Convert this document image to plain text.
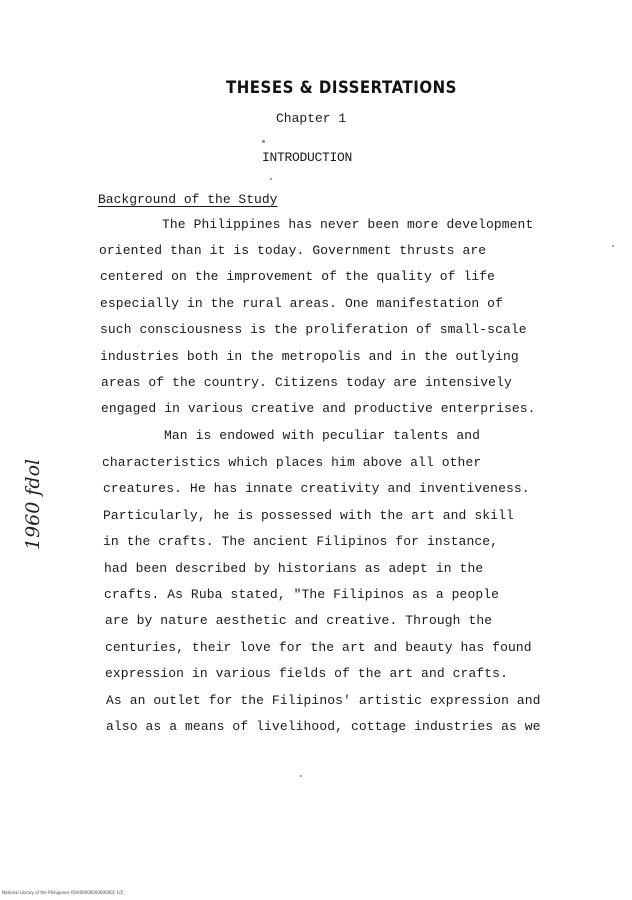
THESES & DISSERTATIONS
Chapter 1
INTRODUCTION
Background of the Study
The Philippines has never been more development
oriented than it is today. Government thrusts are
centered on the improvement of the quality of life
especially in the rural areas. One manifestation of
such consciousness is the proliferation of small-scale
industries both in the metropolis and in the outlying
areas of the country. Citizens today are intensively
engaged in various creative and productive enterprises.
Man is endowed with peculiar talents and
characteristics which places him above all other
creatures. He has innate creativity and inventiveness.
Particularly, he is possessed with the art and skill
in the crafts. The ancient Filipinos for instance,
had been described by historians as adept in the
crafts. As Ruba stated, "The Filipinos as a people
are by nature aesthetic and creative. Through the
centuries, their love for the art and beauty has found
expression in various fields of the art and crafts.
As an outlet for the Filipinos' artistic expression and
also as a means of livelihood, cottage industries as we
1960 fdol
National Library of the Philippines ROA00000000000001 1/2
